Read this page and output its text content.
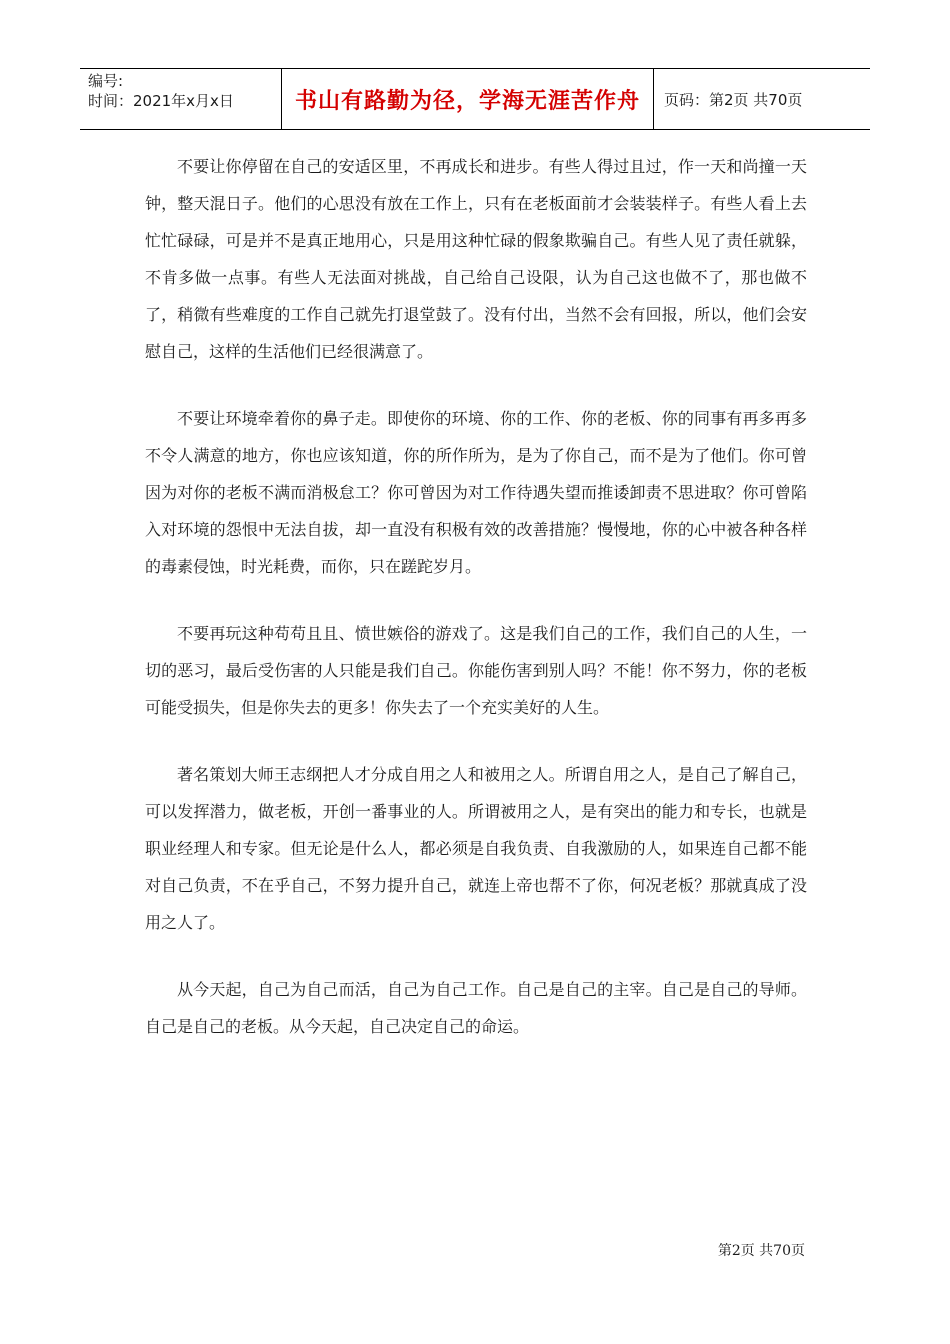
编号:
时间：2021年x月x日	书山有路勤为径，学海无涯苦作舟	页码：第2页 共70页

不要让你停留在自己的安适区里，不再成长和进步。有些人得过且过，作一天和尚撞一天钟，整天混日子。他们的心思没有放在工作上，只有在老板面前才会装装样子。有些人看上去忙忙碌碌，可是并不是真正地用心，只是用这种忙碌的假象欺骗自己。有些人见了责任就躲，不肯多做一点事。有些人无法面对挑战，自己给自己设限，认为自己这也做不了，那也做不了，稍微有些难度的工作自己就先打退堂鼓了。没有付出，当然不会有回报，所以，他们会安慰自己，这样的生活他们已经很满意了。

不要让环境牵着你的鼻子走。即使你的环境、你的工作、你的老板、你的同事有再多再多不令人满意的地方，你也应该知道，你的所作所为，是为了你自己，而不是为了他们。你可曾因为对你的老板不满而消极怠工？你可曾因为对工作待遇失望而推诿卸责不思进取？你可曾陷入对环境的怨恨中无法自拔，却一直没有积极有效的改善措施？慢慢地，你的心中被各种各样的毒素侵蚀，时光耗费，而你，只在蹉跎岁月。

不要再玩这种苟苟且且、愤世嫉俗的游戏了。这是我们自己的工作，我们自己的人生，一切的恶习，最后受伤害的人只能是我们自己。你能伤害到别人吗？不能！你不努力，你的老板可能受损失，但是你失去的更多！你失去了一个充实美好的人生。

著名策划大师王志纲把人才分成自用之人和被用之人。所谓自用之人，是自己了解自己，可以发挥潜力，做老板，开创一番事业的人。所谓被用之人，是有突出的能力和专长，也就是职业经理人和专家。但无论是什么人，都必须是自我负责、自我激励的人，如果连自己都不能对自己负责，不在乎自己，不努力提升自己，就连上帝也帮不了你，何况老板？那就真成了没用之人了。

从今天起，自己为自己而活，自己为自己工作。自己是自己的主宰。自己是自己的导师。自己是自己的老板。从今天起，自己决定自己的命运。

第2页 共70页
